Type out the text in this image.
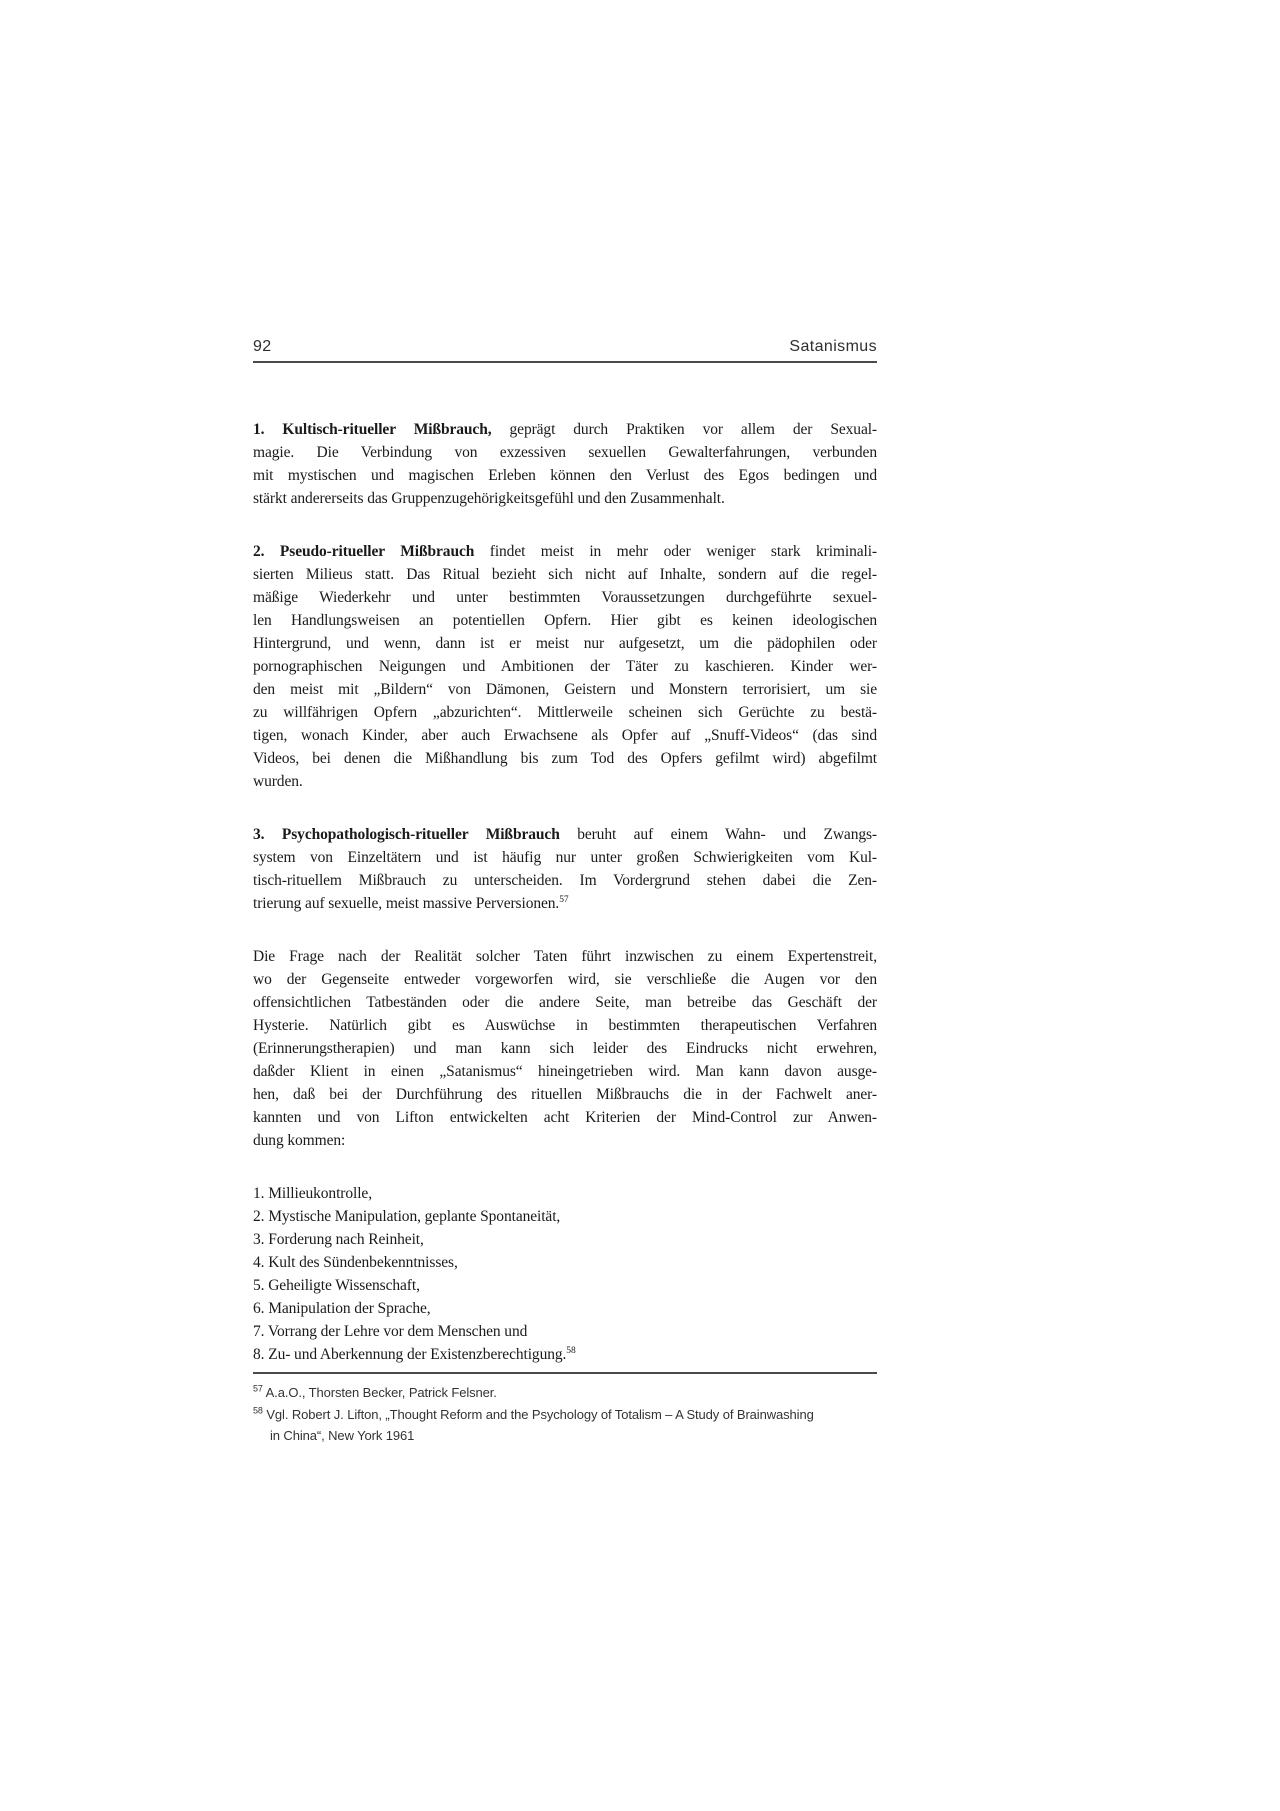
92	Satanismus
1. Kultisch-ritueller Mißbrauch, geprägt durch Praktiken vor allem der Sexual-
magie. Die Verbindung von exzessiven sexuellen Gewalterfahrungen, verbunden
mit mystischen und magischen Erleben können den Verlust des Egos bedingen und
stärkt andererseits das Gruppenzugehörigkeitsgefühl und den Zusammenhalt.
2. Pseudo-ritueller Mißbrauch findet meist in mehr oder weniger stark kriminali-
sierten Milieus statt. Das Ritual bezieht sich nicht auf Inhalte, sondern auf die regel-
mäßige Wiederkehr und unter bestimmten Voraussetzungen durchgeführte sexuel-
len Handlungsweisen an potentiellen Opfern. Hier gibt es keinen ideologischen
Hintergrund, und wenn, dann ist er meist nur aufgesetzt, um die pädophilen oder
pornographischen Neigungen und Ambitionen der Täter zu kaschieren. Kinder wer-
den meist mit „Bildern“ von Dämonen, Geistern und Monstern terrorisiert, um sie
zu willfährigen Opfern „abzurichten“. Mittlerweile scheinen sich Gerüchte zu bestä-
tigen, wonach Kinder, aber auch Erwachsene als Opfer auf „Snuff-Videos“ (das sind
Videos, bei denen die Mißhandlung bis zum Tod des Opfers gefilmt wird) abgefilmt
wurden.
3. Psychopathologisch-ritueller Mißbrauch beruht auf einem Wahn- und Zwangs-
system von Einzeltätern und ist häufig nur unter großen Schwierigkeiten vom Kul-
tisch-rituellem Mißbrauch zu unterscheiden. Im Vordergrund stehen dabei die Zen-
trierung auf sexuelle, meist massive Perversionen.$^{57}$
Die Frage nach der Realität solcher Taten führt inzwischen zu einem Expertenstreit,
wo der Gegenseite entweder vorgeworfen wird, sie verschließe die Augen vor den
offensichtlichen Tatbeständen oder die andere Seite, man betreibe das Geschäft der
Hysterie. Natürlich gibt es Auswüchse in bestimmten therapeutischen Verfahren
(Erinnerungstherapien) und man kann sich leider des Eindrucks nicht erwehren,
daßder Klient in einen „Satanismus“ hineingetrieben wird. Man kann davon ausge-
hen, daß bei der Durchführung des rituellen Mißbrauchs die in der Fachwelt aner-
kannten und von Lifton entwickelten acht Kriterien der Mind-Control zur Anwen-
dung kommen:
1. Millieukontrolle,
2. Mystische Manipulation, geplante Spontaneität,
3. Forderung nach Reinheit,
4. Kult des Sündenbekenntnisses,
5. Geheiligte Wissenschaft,
6. Manipulation der Sprache,
7. Vorrang der Lehre vor dem Menschen und
8. Zu- und Aberkennung der Existenzberechtigung.$^{58}$
$^{57}$ A.a.O., Thorsten Becker, Patrick Felsner.
$^{58}$ Vgl. Robert J. Lifton, „Thought Reform and the Psychology of Totalism – A Study of Brainwashing
in China“, New York 1961
